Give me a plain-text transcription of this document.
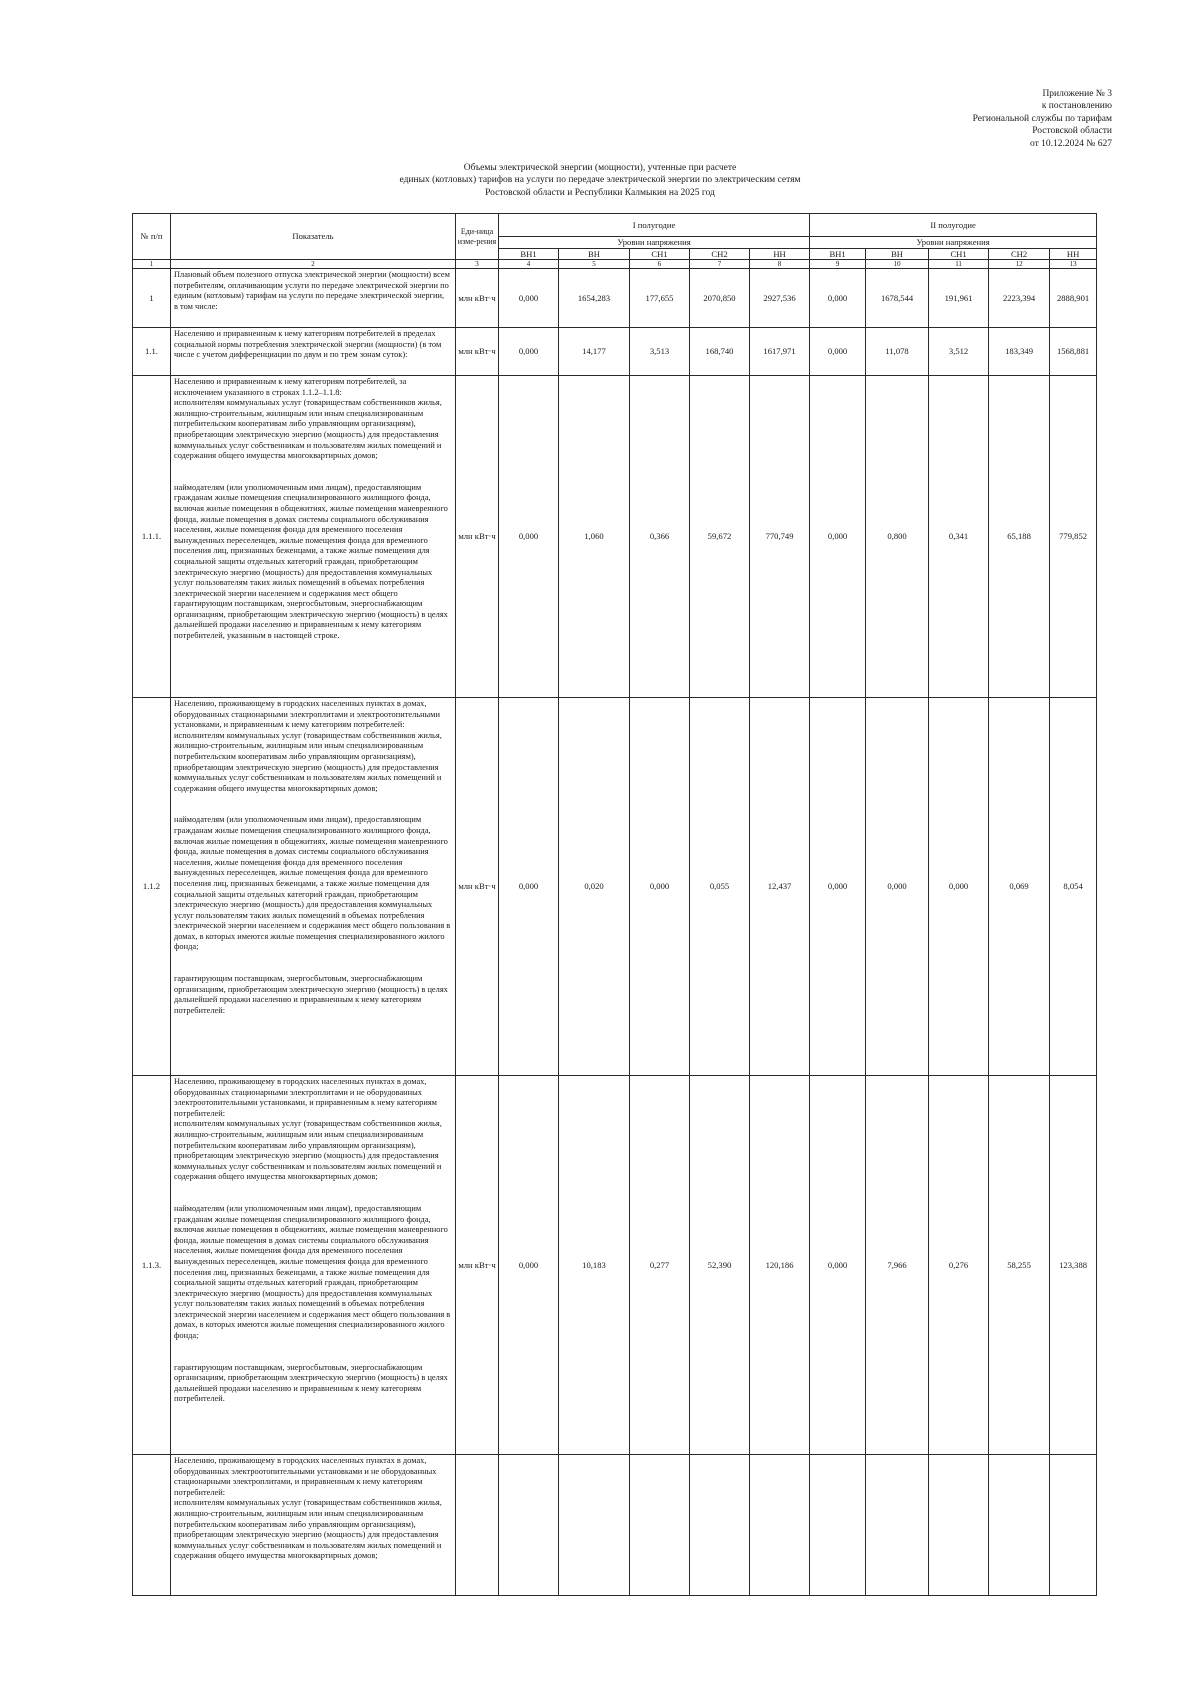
Приложение № 3
к постановлению
Региональной службы по тарифам
Ростовской области
от 10.12.2024 № 627
Объемы электрической энергии (мощности), учтенные при расчете
единых (котловых) тарифов на услуги по передаче электрической энергии по электрическим сетям
Ростовской области и Республики Калмыкия на 2025 год
№ п/п	Показатель	Еди-ница изме-рения	I полугодие					II полугодие				
			Уровни напряжения					Уровни напряжения				
			ВН1	ВН	СН1	СН2	НН	ВН1	ВН	СН1	СН2	НН
1	2	3	4	5	6	7	8	9	10	11	12	13
1	Плановый объем полезного отпуска электрической энергии (мощности) всем потребителям, оплачивающим услуги по передаче электрической энергии по единым (котловым) тарифам на услуги по передаче электрической энергии,
в том числе:	млн кВт·ч	0,000	1654,283	177,655	2070,850	2927,536	0,000	1678,544	191,961	2223,394	2888,901
1.1.	Населению и приравненным к нему категориям потребителей в пределах социальной нормы потребления электрической энергии (мощности) (в том числе с учетом дифференциации по двум и по трем зонам суток):	млн кВт·ч	0,000	14,177	3,513	168,740	1617,971	0,000	11,078	3,512	183,349	1568,881
1.1.1.	Населению и приравненным к нему категориям потребителей, за исключением указанного в строках 1.1.2–1.1.8:
исполнителям коммунальных услуг (товариществам собственников жилья, жилищно-строительным, жилищным или иным специализированным потребительским кооперативам либо управляющим организациям), приобретающим электрическую энергию (мощность) для предоставления коммунальных услуг собственникам и пользователям жилых помещений и содержания общего имущества многоквартирных домов;
наймодателям (или уполномоченным ими лицам), предоставляющим гражданам жилые помещения специализированного жилищного фонда, включая жилые помещения в общежитиях, жилые помещения маневренного фонда, жилые помещения в домах системы социального обслуживания населения, жилые помещения фонда для временного поселения вынужденных переселенцев, жилые помещения фонда для временного поселения лиц, признанных беженцами, а также жилые помещения для социальной защиты отдельных категорий граждан, приобретающим электрическую энергию (мощность) для предоставления коммунальных услуг пользователям таких жилых помещений в объемах потребления электрической энергии населением и содержания мест общего
гарантирующим поставщикам, энергосбытовым, энергоснабжающим организациям, приобретающим электрическую энергию (мощность) в целях дальнейшей продажи населению и приравненным к нему категориям потребителей, указанным в настоящей строке.	млн кВт·ч	0,000	1,060	0,366	59,672	770,749	0,000	0,800	0,341	65,188	779,852
1.1.2	Населению, проживающему в городских населенных пунктах в домах, оборудованных стационарными электроплитами и электроотопительными установками, и приравненным к нему категориям потребителей:
исполнителям коммунальных услуг (товариществам собственников жилья, жилищно-строительным, жилищным или иным специализированным потребительским кооперативам либо управляющим организациям), приобретающим электрическую энергию (мощность) для предоставления коммунальных услуг собственникам и пользователям жилых помещений и содержания общего имущества многоквартирных домов;
наймодателям (или уполномоченным ими лицам), предоставляющим гражданам жилые помещения специализированного жилищного фонда, включая жилые помещения в общежитиях, жилые помещения маневренного фонда, жилые помещения в домах системы социального обслуживания населения, жилые помещения фонда для временного поселения вынужденных переселенцев, жилые помещения фонда для временного поселения лиц, признанных беженцами, а также жилые помещения для социальной защиты отдельных категорий граждан, приобретающим электрическую энергию (мощность) для предоставления коммунальных услуг пользователям таких жилых помещений в объемах потребления электрической энергии населением и содержания мест общего пользования в домах, в которых имеются жилые помещения специализированного жилого фонда;
гарантирующим поставщикам, энергосбытовым, энергоснабжающим организациям, приобретающим электрическую энергию (мощность) в целях дальнейшей продажи населению и приравненным к нему категориям потребителей:	млн кВт·ч	0,000	0,020	0,000	0,055	12,437	0,000	0,000	0,000	0,069	8,054
1.1.3.	Населению, проживающему в городских населенных пунктах в домах, оборудованных стационарными электроплитами и не оборудованных электроотопительными установками, и приравненным к нему категориям потребителей:
исполнителям коммунальных услуг (товариществам собственников жилья, жилищно-строительным, жилищным или иным специализированным потребительским кооперативам либо управляющим организациям), приобретающим электрическую энергию (мощность) для предоставления коммунальных услуг собственникам и пользователям жилых помещений и содержания общего имущества многоквартирных домов;
наймодателям (или уполномоченным ими лицам), предоставляющим гражданам жилые помещения специализированного жилищного фонда, включая жилые помещения в общежитиях, жилые помещения маневренного фонда, жилые помещения в домах системы социального обслуживания населения, жилые помещения фонда для временного поселения вынужденных переселенцев, жилые помещения фонда для временного поселения лиц, признанных беженцами, а также жилые помещения для социальной защиты отдельных категорий граждан, приобретающим электрическую энергию (мощность) для предоставления коммунальных услуг пользователям таких жилых помещений в объемах потребления электрической энергии населением и содержания мест общего пользования в домах, в которых имеются жилые помещения специализированного жилого фонда;
гарантирующим поставщикам, энергосбытовым, энергоснабжающим организациям, приобретающим электрическую энергию (мощность) в целях дальнейшей продажи населению и приравненным к нему категориям потребителей.	млн кВт·ч	0,000	10,183	0,277	52,390	120,186	0,000	7,966	0,276	58,255	123,388

	Населению, проживающему в городских населенных пунктах в домах, оборудованных электроотопительными установками и не оборудованных стационарными электроплитами, и приравненным к нему категориям потребителей:
исполнителям коммунальных услуг (товариществам собственников жилья, жилищно-строительным, жилищным или иным специализированным потребительским кооперативам либо управляющим организациям), приобретающим электрическую энергию (мощность) для предоставления коммунальных услуг собственникам и пользователям жилых помещений и содержания общего имущества многоквартирных домов;											
